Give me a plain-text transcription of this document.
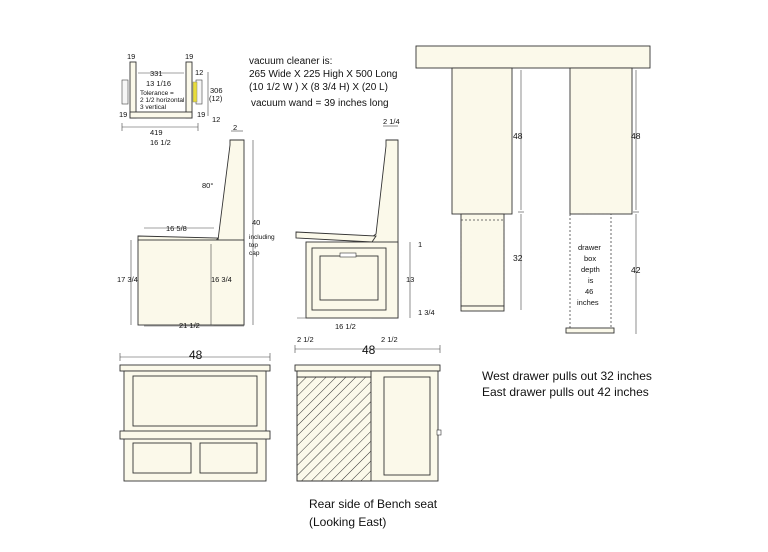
19	19
331
13 1/16
Tolerance =
2 1/2 horizontal
3 vertical
12
306
(12)
19	19
12
419
16 1/2
vacuum cleaner is:
265 Wide X 225 High X 500 Long
(10 1/2 W ) X (8 3/4 H) X (20 L)
vacuum wand = 39 inches long
2
80°
16 5/8
40
including
top
cap
17 3/4	16 3/4
21 1/2
2 1/4
1
13
1 3/4
16 1/2
48	48
2 1/2	2 1/2
Rear side of Bench seat
(Looking East)
48	48
32
42
drawer
box
depth
is
46
inches
West drawer pulls out 32 inches
East drawer pulls out 42 inches
